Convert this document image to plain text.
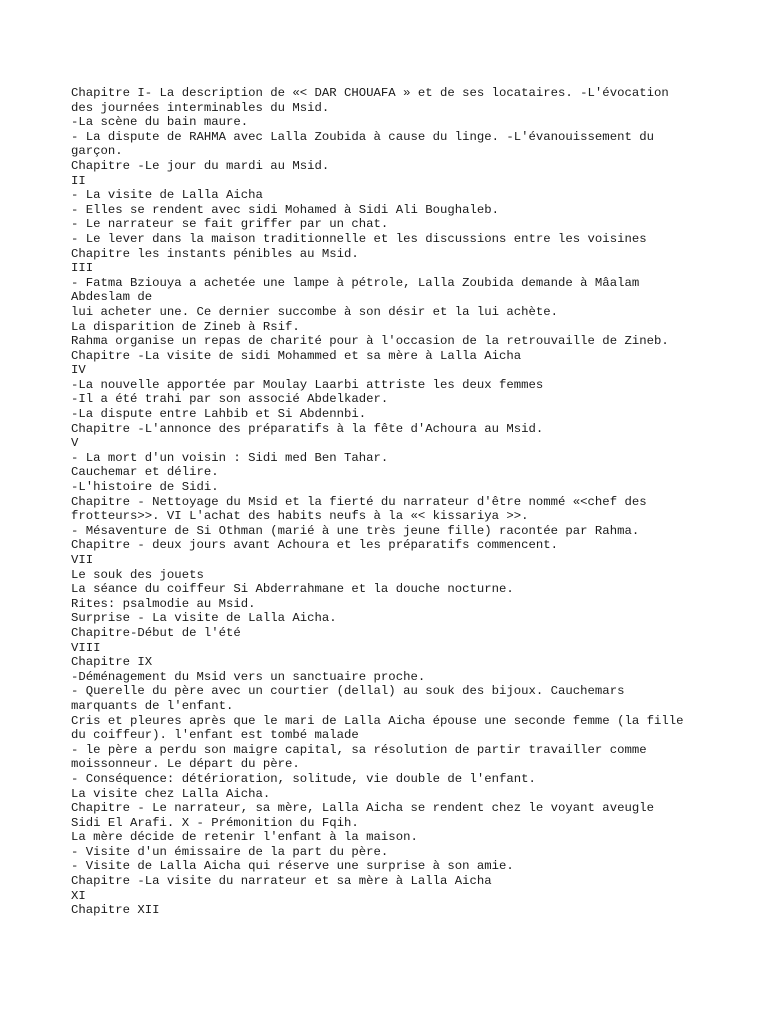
Chapitre I- La description de «< DAR CHOUAFA » et de ses locataires. -L'évocation
des journées interminables du Msid.
-La scène du bain maure.
- La dispute de RAHMA avec Lalla Zoubida à cause du linge. -L'évanouissement du
garçon.
Chapitre -Le jour du mardi au Msid.
II
- La visite de Lalla Aicha
- Elles se rendent avec sidi Mohamed à Sidi Ali Boughaleb.
- Le narrateur se fait griffer par un chat.
- Le lever dans la maison traditionnelle et les discussions entre les voisines
Chapitre les instants pénibles au Msid.
III
- Fatma Bziouya a achetée une lampe à pétrole, Lalla Zoubida demande à Mâalam
Abdeslam de
lui acheter une. Ce dernier succombe à son désir et la lui achète.
La disparition de Zineb à Rsif.
Rahma organise un repas de charité pour à l'occasion de la retrouvaille de Zineb.
Chapitre -La visite de sidi Mohammed et sa mère à Lalla Aicha
IV
-La nouvelle apportée par Moulay Laarbi attriste les deux femmes
-Il a été trahi par son associé Abdelkader.
-La dispute entre Lahbib et Si Abdennbi.
Chapitre -L'annonce des préparatifs à la fête d'Achoura au Msid.
V
- La mort d'un voisin : Sidi med Ben Tahar.
Cauchemar et délire.
-L'histoire de Sidi.
Chapitre - Nettoyage du Msid et la fierté du narrateur d'être nommé «<chef des
frotteurs>>. VI L'achat des habits neufs à la «< kissariya >>.
- Mésaventure de Si Othman (marié à une très jeune fille) racontée par Rahma.
Chapitre - deux jours avant Achoura et les préparatifs commencent.
VII
Le souk des jouets
La séance du coiffeur Si Abderrahmane et la douche nocturne.
Rites: psalmodie au Msid.
Surprise - La visite de Lalla Aicha.
Chapitre-Début de l'été
VIII
Chapitre IX
-Déménagement du Msid vers un sanctuaire proche.
- Querelle du père avec un courtier (dellal) au souk des bijoux. Cauchemars
marquants de l'enfant.
Cris et pleures après que le mari de Lalla Aicha épouse une seconde femme (la fille
du coiffeur). l'enfant est tombé malade
- le père a perdu son maigre capital, sa résolution de partir travailler comme
moissonneur. Le départ du père.
- Conséquence: détérioration, solitude, vie double de l'enfant.
La visite chez Lalla Aicha.
Chapitre - Le narrateur, sa mère, Lalla Aicha se rendent chez le voyant aveugle
Sidi El Arafi. X - Prémonition du Fqih.
La mère décide de retenir l'enfant à la maison.
- Visite d'un émissaire de la part du père.
- Visite de Lalla Aicha qui réserve une surprise à son amie.
Chapitre -La visite du narrateur et sa mère à Lalla Aicha
XI
Chapitre XII
